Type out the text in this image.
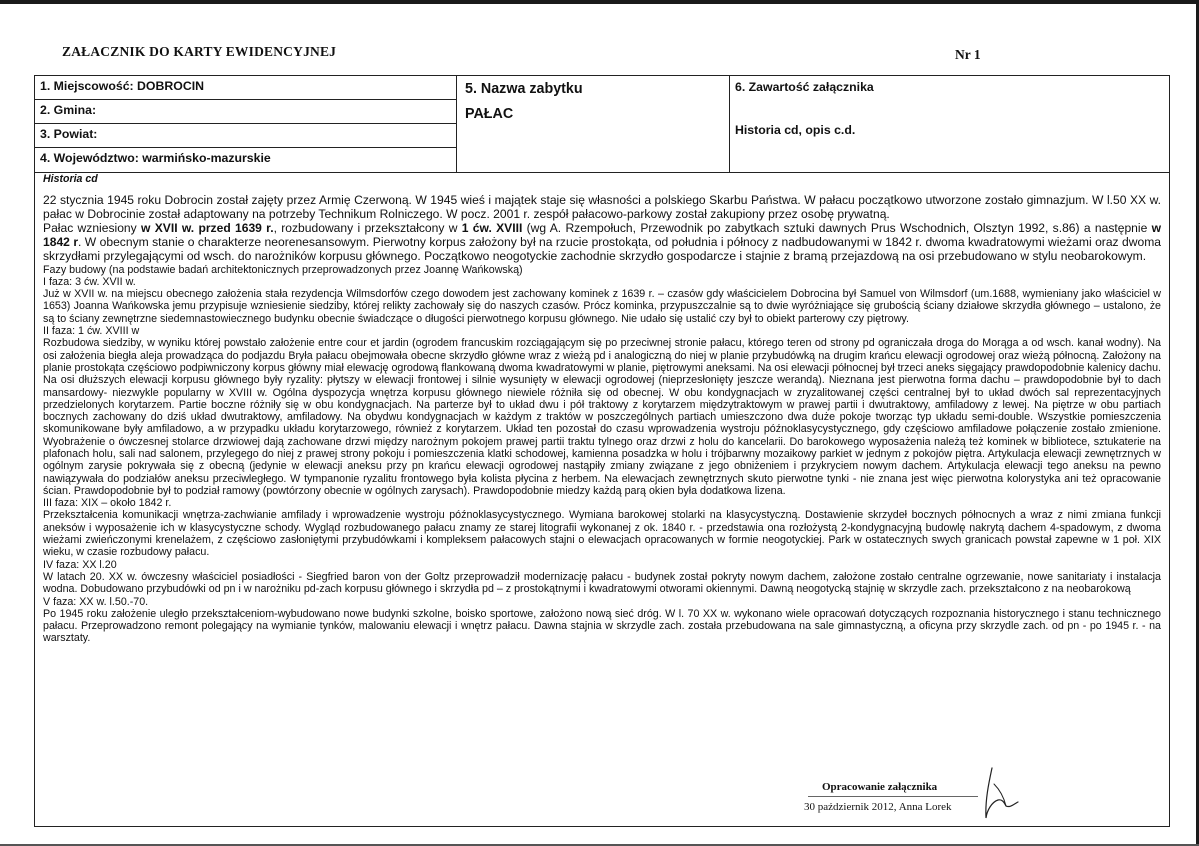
ZAŁACZNIK DO KARTY EWIDENCYJNEJ	Nr 1
1. Miejscowość: DOBROCIN
2. Gmina:
3. Powiat:
4. Województwo: warmińsko-mazurskie
5. Nazwa zabytku
PAŁAC
6. Zawartość załącznika
Historia cd, opis c.d.
Historia cd

22 stycznia 1945 roku Dobrocin został zajęty przez Armię Czerwoną. W 1945 wieś i majątek staje się własności a polskiego Skarbu Państwa. W pałacu początkowo utworzone zostało gimnazjum. W l.50 XX w. pałac w Dobrocinie został adaptowany na potrzeby Technikum Rolniczego. W pocz. 2001 r. zespół pałacowo-parkowy został zakupiony przez osobę prywatną.

Pałac wzniesiony w XVII w. przed 1639 r., rozbudowany i przekształcony w 1 ćw. XVIII (wg A. Rzempołuch, Przewodnik po zabytkach sztuki dawnych Prus Wschodnich, Olsztyn 1992, s.86) a następnie w 1842 r. W obecnym stanie o charakterze neorenesansowym. Pierwotny korpus założony był na rzucie prostokąta, od południa i północy z nadbudowanymi w 1842 r. dwoma kwadratowymi wieżami oraz dwoma skrzydłami przylegającymi od wsch. do narożników korpusu głównego. Początkowo neogotyckie zachodnie skrzydło gospodarcze i stajnie z bramą przejazdową na osi przebudowano w stylu neobarokowym.

Fazy budowy (na podstawie badań architektonicznych przeprowadzonych przez Joannę Wańkowską)

I faza: 3 ćw. XVII w.

Już w XVII w. na miejscu obecnego założenia stała rezydencja Wilmsdorfów czego dowodem jest zachowany kominek z 1639 r. – czasów gdy właścicielem Dobrocina był Samuel von Wilmsdorf (um.1688, wymieniany jako właściciel w 1653) Joanna Wańkowska jemu przypisuje wzniesienie siedziby, której relikty zachowały się do naszych czasów. Prócz kominka, przypuszczalnie są to dwie wyróżniające się grubością ściany działowe skrzydła głównego – ustalono, że są to ściany zewnętrzne siedemnastowiecznego budynku obecnie świadczące o długości pierwotnego korpusu głównego. Nie udało się ustalić czy był to obiekt parterowy czy piętrowy.

II faza: 1 ćw. XVIII w

Rozbudowa siedziby, w wyniku której powstało założenie entre cour et jardin (ogrodem francuskim rozciągającym się po przeciwnej stronie pałacu, którego teren od strony pd ograniczała droga do Morąga a od wsch. kanał wodny). Na osi założenia biegła aleja prowadząca do podjazdu Bryła pałacu obejmowała obecne skrzydło główne wraz z wieżą pd i analogiczną do niej w planie przybudówką na drugim krańcu elewacji ogrodowej oraz wieżą północną. Założony na planie prostokąta częściowo podpiwniczony korpus główny miał elewację ogrodową flankowaną dwoma kwadratowymi w planie, piętrowymi aneksami. Na osi elewacji północnej był trzeci aneks sięgający prawdopodobnie kalenicy dachu. Na osi dłuższych elewacji korpusu głównego były ryzality: płytszy w elewacji frontowej i silnie wysunięty w elewacji ogrodowej (nieprzesłonięty jeszcze werandą). Nieznana jest pierwotna forma dachu – prawdopodobnie był to dach mansardowy- niezwykle popularny w XVIII w. Ogólna dyspozycja wnętrza korpusu głównego niewiele różniła się od obecnej. W obu kondygnacjach w zryzalitowanej części centralnej był to układ dwóch sal reprezentacyjnych przedzielonych korytarzem. Partie boczne różniły się w obu kondygnacjach. Na parterze był to układ dwu i pół traktowy z korytarzem międzytraktowym w prawej partii i dwutraktowy, amfiladowy z lewej. Na piętrze w obu partiach bocznych zachowany do dziś układ dwutraktowy, amfiladowy. Na obydwu kondygnacjach w każdym z traktów w poszczególnych partiach umieszczono dwa duże pokoje tworząc typ układu semi-double. Wszystkie pomieszczenia skomunikowane były amfiladowo, a w przypadku układu korytarzowego, również z korytarzem. Układ ten pozostał do czasu wprowadzenia wystroju późnoklasycystycznego, gdy częściowo amfiladowe połączenie zostało zmienione. Wyobrażenie o ówczesnej stolarce drzwiowej dają zachowane drzwi między narożnym pokojem prawej partii traktu tylnego oraz drzwi z holu do kancelarii. Do barokowego wyposażenia należą też kominek w bibliotece, sztukaterie na plafonach holu, sali nad salonem, przylegego do niej z prawej strony pokoju i pomieszczenia klatki schodowej, kamienna posadzka w holu i trójbarwny mozaikowy parkiet w jednym z pokojów piętra. Artykulacja elewacji zewnętrznych w ogólnym zarysie pokrywała się z obecną (jedynie w elewacji aneksu przy pn krańcu elewacji ogrodowej nastąpiły zmiany związane z jego obniżeniem i przykryciem nowym dachem. Artykulacja elewacji tego aneksu na pewno nawiązywała do podziałów aneksu przeciwległego. W tympanonie ryzalitu frontowego była kolista płycina z herbem. Na elewacjach zewnętrznych skuto pierwotne tynki - nie znana jest więc pierwotna kolorystyka ani też opracowanie ścian. Prawdopodobnie był to podział ramowy (powtórzony obecnie w ogólnych zarysach). Prawdopodobnie miedzy każdą parą okien była dodatkowa lizena.

III faza: XIX – około 1842 r.

Przekształcenia komunikacji wnętrza-zachwianie amfilady i wprowadzenie wystroju późnoklasycystycznego. Wymiana barokowej stolarki na klasycystyczną. Dostawienie skrzydeł bocznych północnych a wraz z nimi zmiana funkcji aneksów i wyposażenie ich w klasycystyczne schody. Wygląd rozbudowanego pałacu znamy ze starej litografii wykonanej z ok. 1840 r. - przedstawia ona rozłożystą 2-kondygnacyjną budowlę nakrytą dachem 4-spadowym, z dwoma wieżami zwieńczonymi krenelażem, z częściowo zasłoniętymi przybudówkami i kompleksem pałacowych stajni o elewacjach opracowanych w formie neogotyckiej. Park w ostatecznych swych granicach powstał zapewne w 1 poł. XIX wieku, w czasie rozbudowy pałacu.

IV faza: XX l.20

W latach 20. XX w. ówczesny właściciel posiadłości - Siegfried baron von der Goltz przeprowadził modernizację pałacu - budynek został pokryty nowym dachem, założone zostało centralne ogrzewanie, nowe sanitariaty i instalacja wodna. Dobudowano przybudówki od pn i w narożniku pd-zach korpusu głównego i skrzydła pd – z prostokątnymi i kwadratowymi otworami okiennymi. Dawną neogotycką stajnię w skrzydle zach. przekształcono z na neobarokową

V faza: XX w. l.50.-70.

Po 1945 roku założenie uległo przekształceniom-wybudowano nowe budynki szkolne, boisko sportowe, założono nową sieć dróg. W l. 70 XX w. wykonano wiele opracowań dotyczących rozpoznania historycznego i stanu technicznego pałacu. Przeprowadzono remont polegający na wymianie tynków, malowaniu elewacji i wnętrz pałacu. Dawna stajnia w skrzydle zach. została przebudowana na sale gimnastyczną, a oficyna przy skrzydle zach. od pn - po 1945 r. - na warsztaty.

Opracowanie załącznika
30 październik 2012, Anna Lorek
